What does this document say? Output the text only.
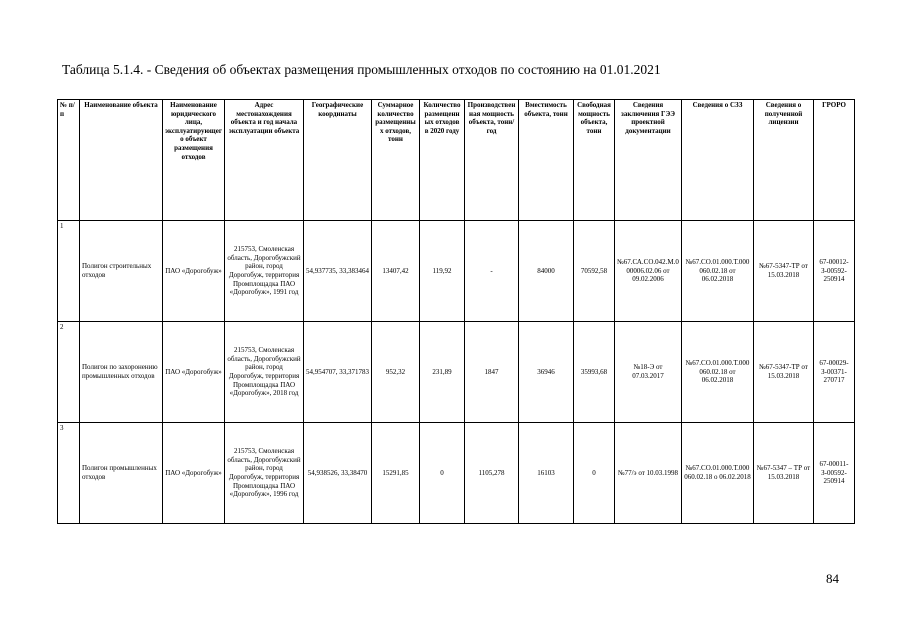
Таблица 5.1.4. - Сведения об объектах размещения промышленных отходов по состоянию на 01.01.2021
№ п/п	Наименование объекта	Наименование юридического лица, эксплуатирующего объект размещения отходов	Адрес местонахождения объекта и год начала эксплуатации объекта	Географические координаты	Суммарное количество размещенных отходов, тонн	Количество размещенных отходов в 2020 году	Производственная мощность объекта, тонн/год	Вместимость объекта, тонн	Свободная мощность объекта, тонн	Сведения заключения ГЭЭ проектной документации	Сведения о СЗЗ	Сведения о полученной лицензии	ГРОРО
1	Полигон строительных отходов	ПАО «Дорогобуж»	215753, Смоленская область, Дорогобужский район, город Дорогобуж, территория Промплощадка ПАО «Дорогобуж», 1991 год	54,937735, 33,383464	13407,42	119,92	-	84000	70592,58	№67.СА.СО.042.М.000006.02.06 от 09.02.2006	№67.СО.01.000.Т.000060.02.18 от 06.02.2018	№67-5347-ТР от 15.03.2018	67-00012-З-00592-250914
2	Полигон по захоронению промышленных отходов	ПАО «Дорогобуж»	215753, Смоленская область, Дорогобужский район, город Дорогобуж, территория Промплощадка ПАО «Дорогобуж», 2018 год	54,954707, 33,371783	952,32	231,89	1847	36946	35993,68	№18-Э от 07.03.2017	№67.СО.01.000.Т.000060.02.18 от 06.02.2018	№67-5347-ТР от 15.03.2018	67-00029-З-00371-270717
3	Полигон промышленных отходов	ПАО «Дорогобуж»	215753, Смоленская область, Дорогобужский район, город Дорогобуж, территория Промплощадка ПАО «Дорогобуж», 1996 год	54,938526, 33,38470	15291,85	0	1105,278	16103	0	№77/э от 10.03.1998	№67.СО.01.000.Т.000060.02.18 о 06.02.2018	№67-5347 – ТР от 15.03.2018	67-00011-З-00592-250914
84
